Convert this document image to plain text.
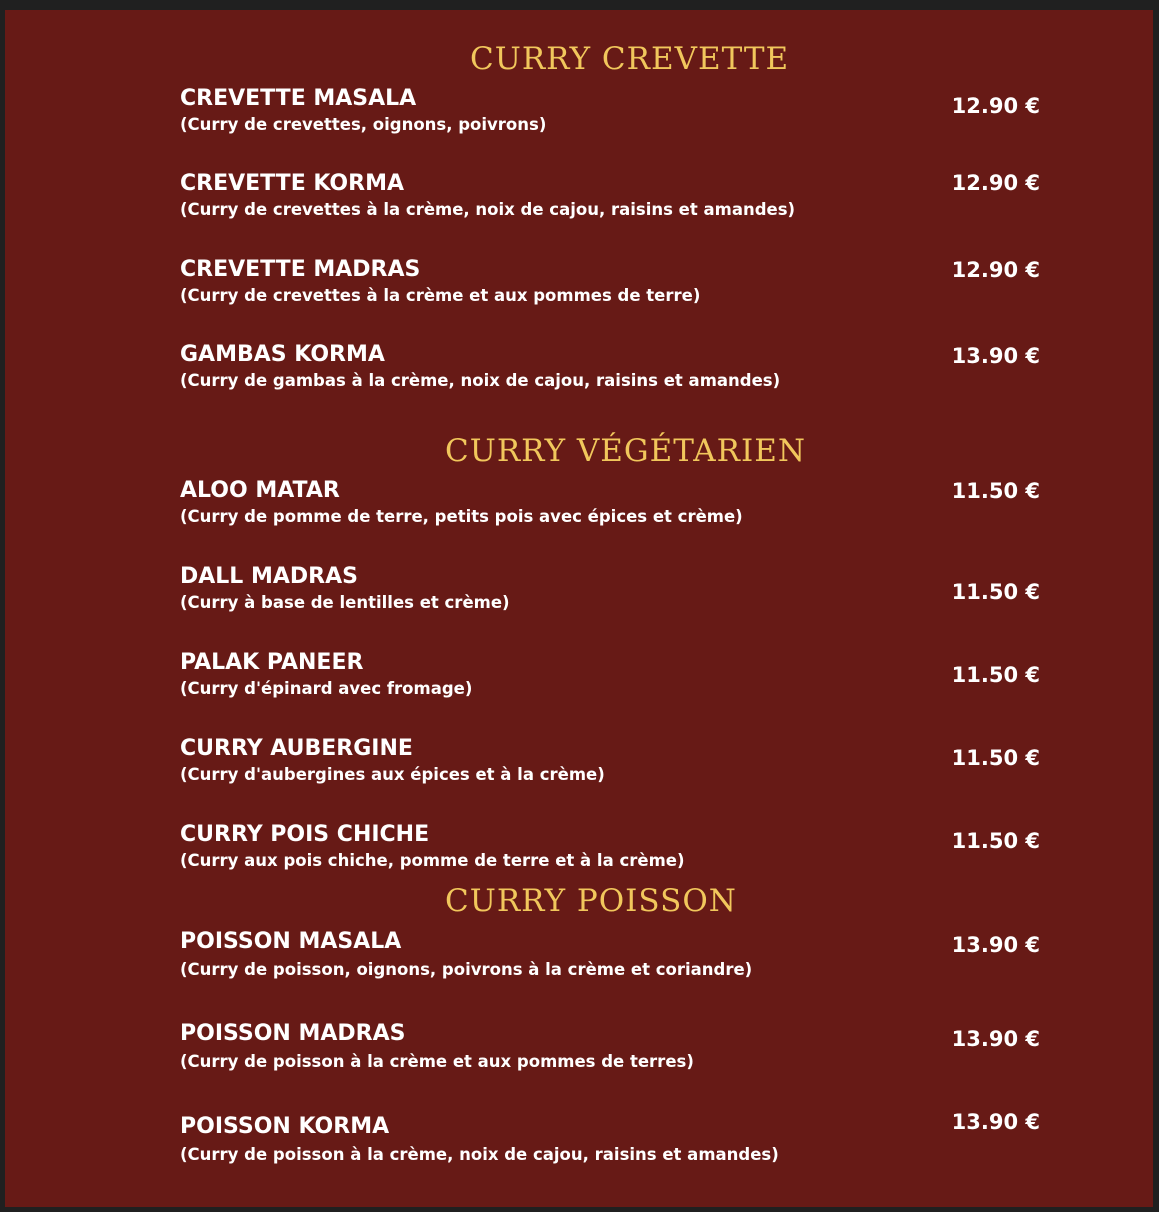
CURRY CREVETTE
CREVETTE MASALA
(Curry de crevettes, oignons, poivrons)
12.90 €
CREVETTE KORMA
(Curry de crevettes à la crème, noix de cajou, raisins et amandes)
12.90 €
CREVETTE MADRAS
(Curry de crevettes à la crème et aux pommes de terre)
12.90 €
GAMBAS KORMA
(Curry de gambas à la crème, noix de cajou, raisins et amandes)
13.90 €
CURRY VÉGÉTARIEN
ALOO MATAR
(Curry de pomme de terre, petits pois avec épices et crème)
11.50 €
DALL MADRAS
(Curry à base de lentilles et crème)	11.50 €
PALAK PANEER
(Curry d'épinard avec fromage)
11.50 €
CURRY AUBERGINE
(Curry d'aubergines aux épices et à la crème)
11.50 €
CURRY POIS CHICHE
(Curry aux pois chiche, pomme de terre et à la crème)
11.50 €
CURRY POISSON
POISSON MASALA
(Curry de poisson, oignons, poivrons à la crème et coriandre)
13.90 €
POISSON MADRAS
(Curry de poisson à la crème et aux pommes de terres)
13.90 €
POISSON KORMA
(Curry de poisson à la crème, noix de cajou, raisins et amandes)
13.90 €
